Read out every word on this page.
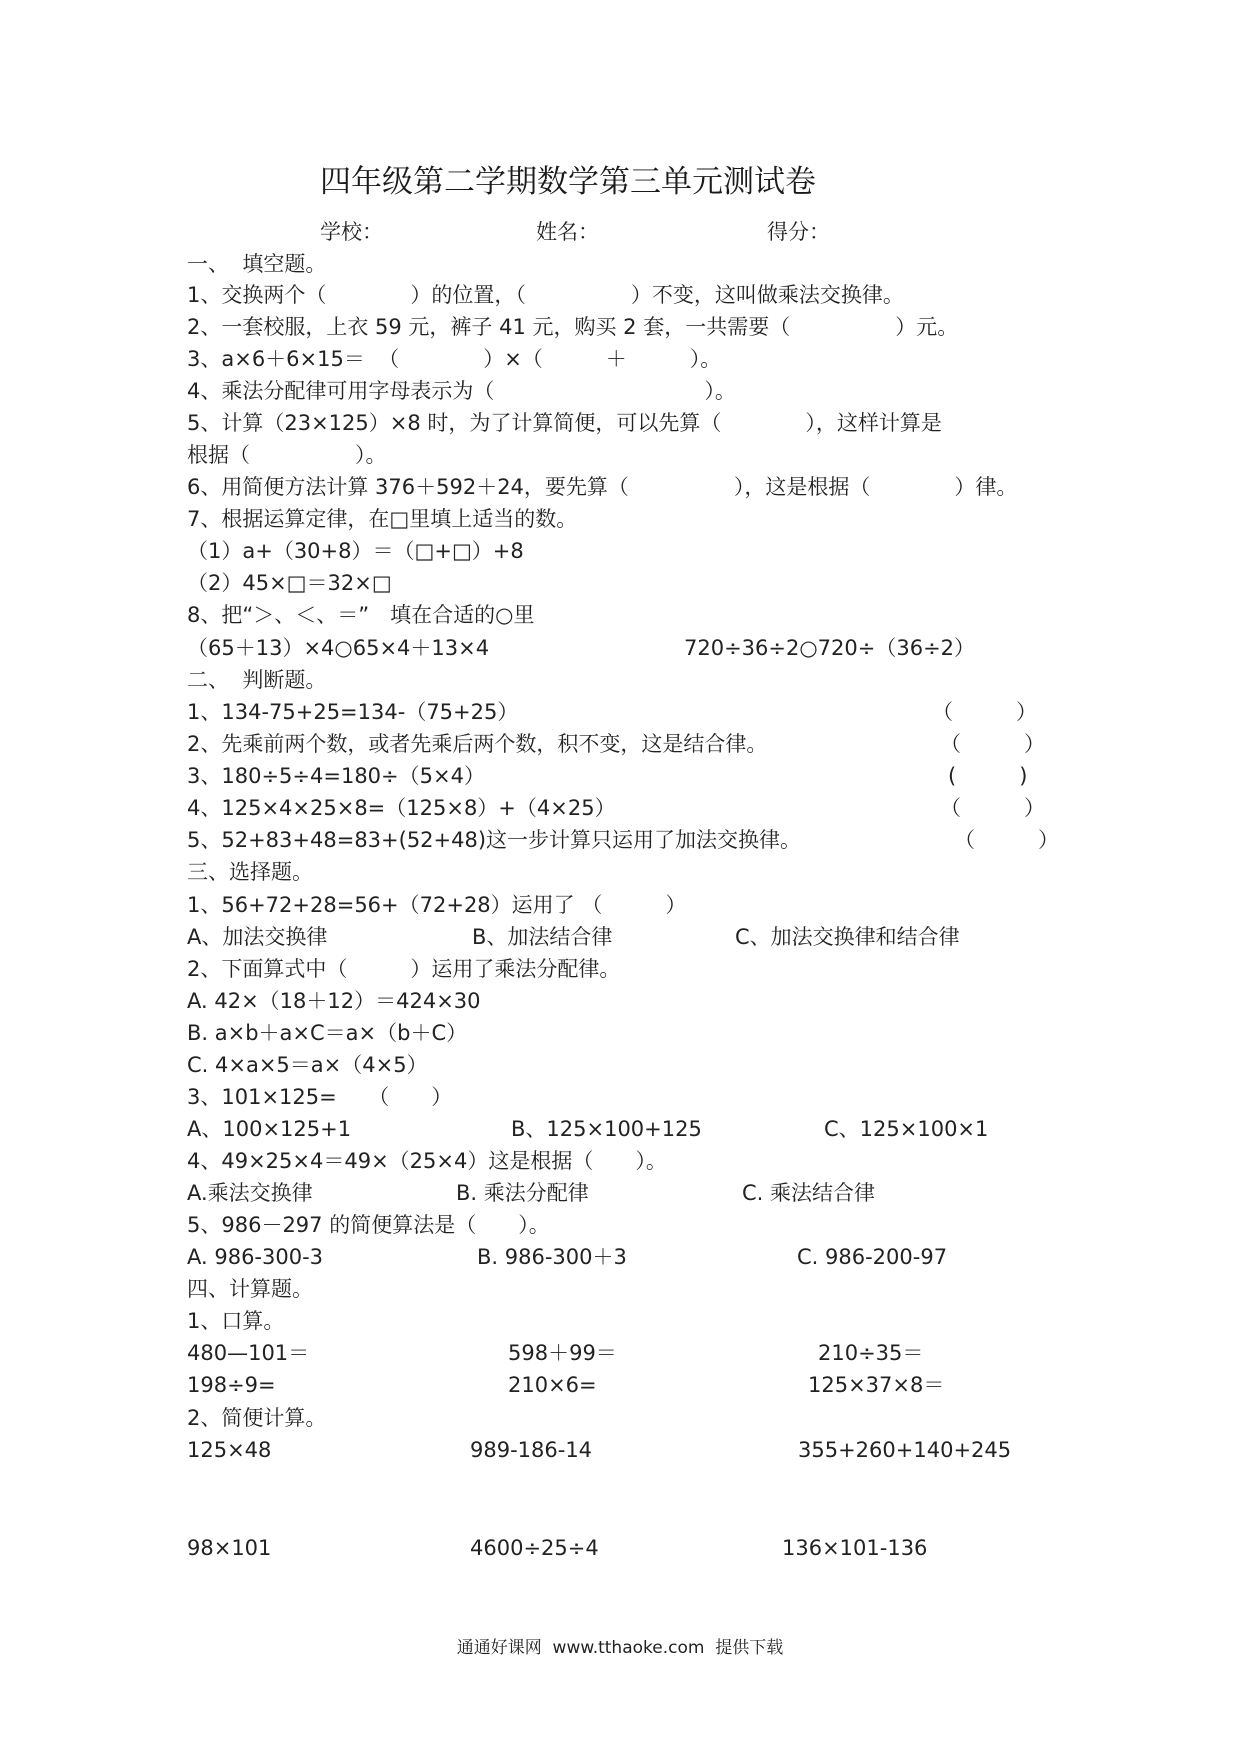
四年级第二学期数学第三单元测试卷
学校：	姓名：	得分：
一、  填空题。
1、交换两个（　　　　）的位置，（　　　　　）不变，这叫做乘法交换律。
2、一套校服，上衣 59 元，裤子 41 元，购买 2 套，一共需要（　　　　　）元。
3、a×6＋6×15＝  （　　　　）×（　　　＋　　　）。
4、乘法分配律可用字母表示为（　　　　　　　　　　）。
5、计算（23×125）×8 时，为了计算简便，可以先算（　　　　），这样计算是
根据（　　　　　）。
6、用简便方法计算 376＋592＋24，要先算（　　　　　），这是根据（　　　　）律。
7、根据运算定律，在□里填上适当的数。
（1）a+（30+8）＝（□+□）+8
（2）45×□＝32×□
8、把“＞、＜、＝”　填在合适的○里
（65＋13）×4○65×4＋13×4	720÷36÷2○720÷（36÷2）
二、  判断题。
1、134-75+25=134-（75+25）	（　　　）
2、先乘前两个数，或者先乘后两个数，积不变，这是结合律。	（　　　）
3、180÷5÷4=180÷（5×4）	(　　　)
4、125×4×25×8=（125×8）+（4×25）	（　　　）
5、52+83+48=83+(52+48)这一步计算只运用了加法交换律。	（　　　）
三、选择题。
1、56+72+28=56+（72+28）运用了 （　　　）
A、加法交换律	B、加法结合律	C、加法交换律和结合律
2、下面算式中（　　　）运用了乘法分配律。
A. 42×（18＋12）＝424×30
B. a×b＋a×C＝a×（b＋C）
C. 4×a×5＝a×（4×5）
3、101×125=　　（　　）
A、100×125+1	B、125×100+125	C、125×100×1
4、49×25×4＝49×（25×4）这是根据（　　）。
A.乘法交换律	B. 乘法分配律	C. 乘法结合律
5、986－297 的简便算法是（　　）。
A. 986-300-3	B. 986-300＋3	C. 986-200-97
四、计算题。
1、口算。
480—101＝	598＋99＝	210÷35＝
198÷9=	210×6=	125×37×8＝
2、简便计算。
125×48	989-186-14	355+260+140+245
98×101	4600÷25÷4	136×101-136
通通好课网  www.tthaoke.com  提供下载
